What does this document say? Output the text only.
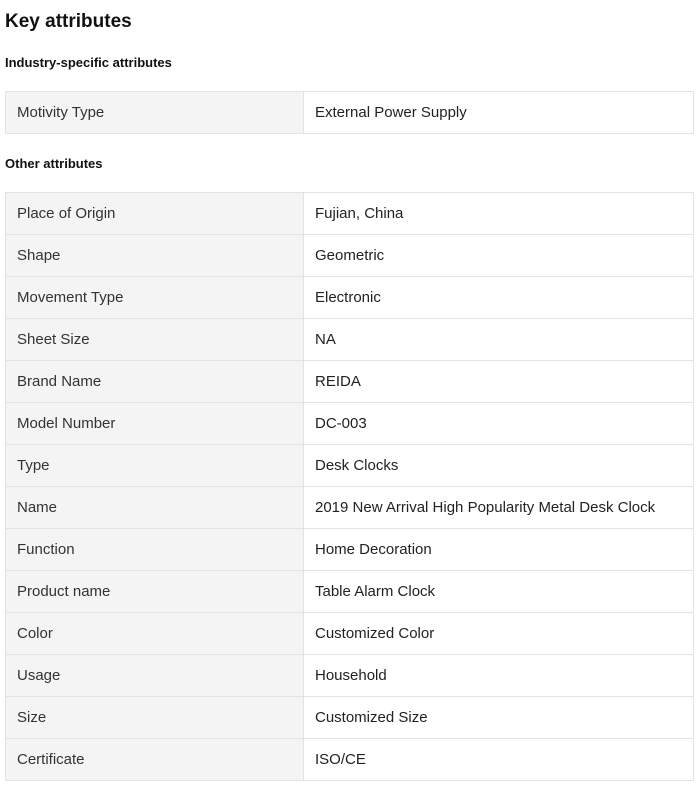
Key attributes
Industry-specific attributes
Motivity Type	External Power Supply
Other attributes
Place of Origin	Fujian, China
Shape	Geometric
Movement Type	Electronic
Sheet Size	NA
Brand Name	REIDA
Model Number	DC-003
Type	Desk Clocks
Name	2019 New Arrival High Popularity Metal Desk Clock
Function	Home Decoration
Product name	Table Alarm Clock
Color	Customized Color
Usage	Household
Size	Customized Size
Certificate	ISO/CE
